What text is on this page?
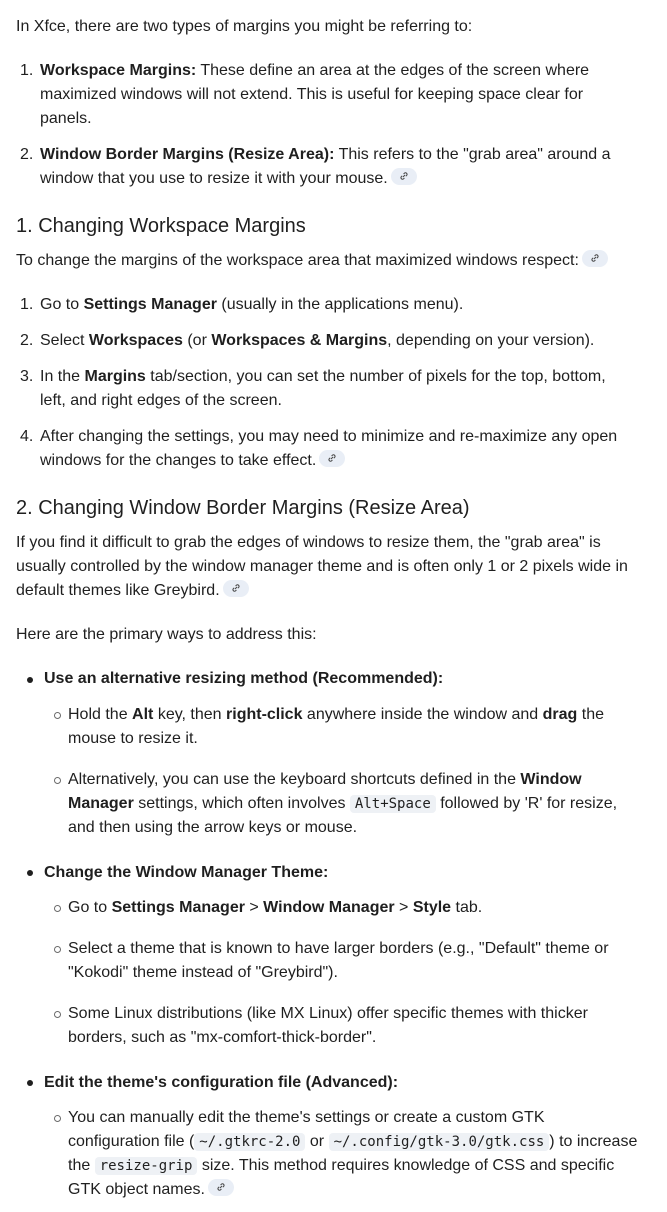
In Xfce, there are two types of margins you might be referring to:
1. Workspace Margins: These define an area at the edges of the screen where
maximized windows will not extend. This is useful for keeping space clear for
panels.
2. Window Border Margins (Resize Area): This refers to the "grab area" around a
window that you use to resize it with your mouse.
1. Changing Workspace Margins
To change the margins of the workspace area that maximized windows respect:
1. Go to Settings Manager (usually in the applications menu).
2. Select Workspaces (or Workspaces & Margins, depending on your version).
3. In the Margins tab/section, you can set the number of pixels for the top, bottom,
left, and right edges of the screen.
4. After changing the settings, you may need to minimize and re-maximize any open
windows for the changes to take effect.
2. Changing Window Border Margins (Resize Area)
If you find it difficult to grab the edges of windows to resize them, the "grab area" is
usually controlled by the window manager theme and is often only 1 or 2 pixels wide in
default themes like Greybird.
Here are the primary ways to address this:
Use an alternative resizing method (Recommended):
Hold the Alt key, then right-click anywhere inside the window and drag the
mouse to resize it.
Alternatively, you can use the keyboard shortcuts defined in the Window
Manager settings, which often involves Alt+Space followed by 'R' for resize,
and then using the arrow keys or mouse.
Change the Window Manager Theme:
Go to Settings Manager > Window Manager > Style tab.
Select a theme that is known to have larger borders (e.g., "Default" theme or
"Kokodi" theme instead of "Greybird").
Some Linux distributions (like MX Linux) offer specific themes with thicker
borders, such as "mx-comfort-thick-border".
Edit the theme's configuration file (Advanced):
You can manually edit the theme's settings or create a custom GTK
configuration file ( ~/.gtkrc-2.0 or ~/.config/gtk-3.0/gtk.css ) to increase
the resize-grip size. This method requires knowledge of CSS and specific
GTK object names.
